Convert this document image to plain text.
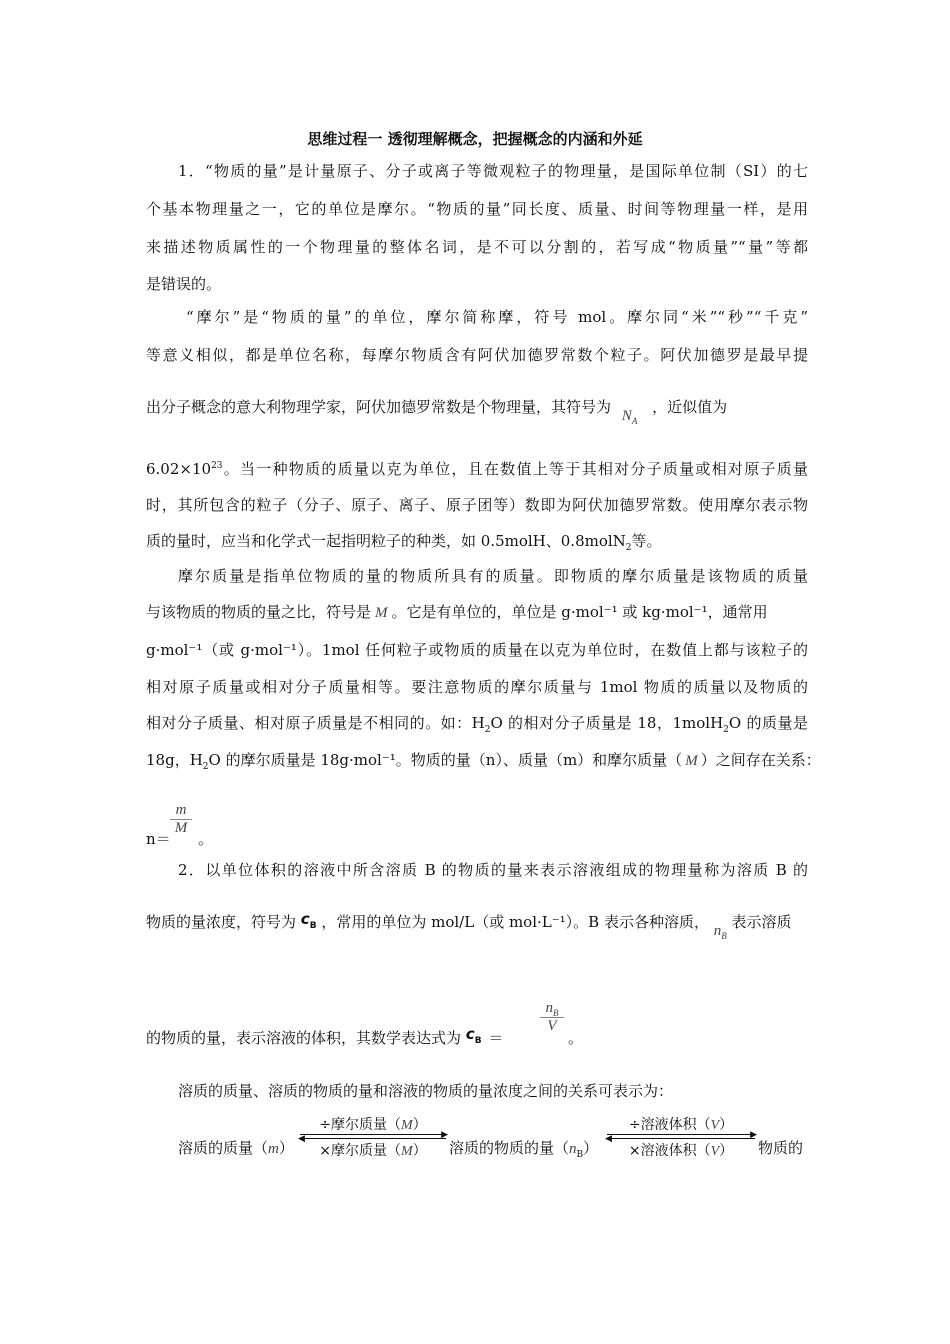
思维过程一 透彻理解概念，把握概念的内涵和外延
1．“物质的量”是计量原子、分子或离子等微观粒子的物理量，是国际单位制（SI）的七
个基本物理量之一，它的单位是摩尔。“物质的量”同长度、质量、时间等物理量一样，是用
来描述物质属性的一个物理量的整体名词，是不可以分割的，若写成“物质量”“量”等都
是错误的。
“摩尔”是“物质的量”的单位，摩尔简称摩，符号 mol。摩尔同“米”“秒”“千克”
等意义相似，都是单位名称，每摩尔物质含有阿伏加德罗常数个粒子。阿伏加德罗是最早提
出分子概念的意大利物理学家，阿伏加德罗常数是个物理量，其符号为 $N_A$ ，近似值为
$6.02\times 10^{23}$。当一种物质的质量以克为单位，且在数值上等于其相对分子质量或相对原子质量
时，其所包含的粒子（分子、原子、离子、原子团等）数即为阿伏加德罗常数。使用摩尔表示物
质的量时，应当和化学式一起指明粒子的种类，如 0.5molH、0.8molN$_2$等。
摩尔质量是指单位物质的量的物质所具有的质量。即物质的摩尔质量是该物质的质量
与该物质的物质的量之比，符号是 M 。它是有单位的，单位是 g·mol⁻¹ 或 kg·mol⁻¹，通常用
g·mol⁻¹（或 g·mol⁻¹）。1mol 任何粒子或物质的质量在以克为单位时，在数值上都与该粒子的
相对原子质量或相对分子质量相等。要注意物质的摩尔质量与 1mol 物质的质量以及物质的
相对分子质量、相对原子质量是不相同的。如：$H_2O$ 的相对分子质量是 18，1molH$_2$O 的质量是
18g，$H_2O$ 的摩尔质量是 18g·mol⁻¹。物质的量（n）、质量（m）和摩尔质量（ M ）之间存在关系：
n＝
$\frac{m}{M}$
。
2．以单位体积的溶液中所含溶质 B 的物质的量来表示溶液组成的物理量称为溶质 B 的
物质的量浓度，符号为 $c_B$ ，常用的单位为 mol/L（或 mol·L⁻¹）。B 表示各种溶质， $n_B$ 表示溶质
的物质的量，表示溶液的体积，其数学表达式为 $c_B$ ＝
$\frac{n_B}{V}$
。
溶质的质量、溶质的物质的量和溶液的物质的量浓度之间的关系可表示为：
溶质的质量（m）
÷摩尔质量（M）
▶
◀
×摩尔质量（M）	溶质的物质的量$(n_B)$
÷溶液体积（V）
▶
◀
×溶液体积（V）	物质的
